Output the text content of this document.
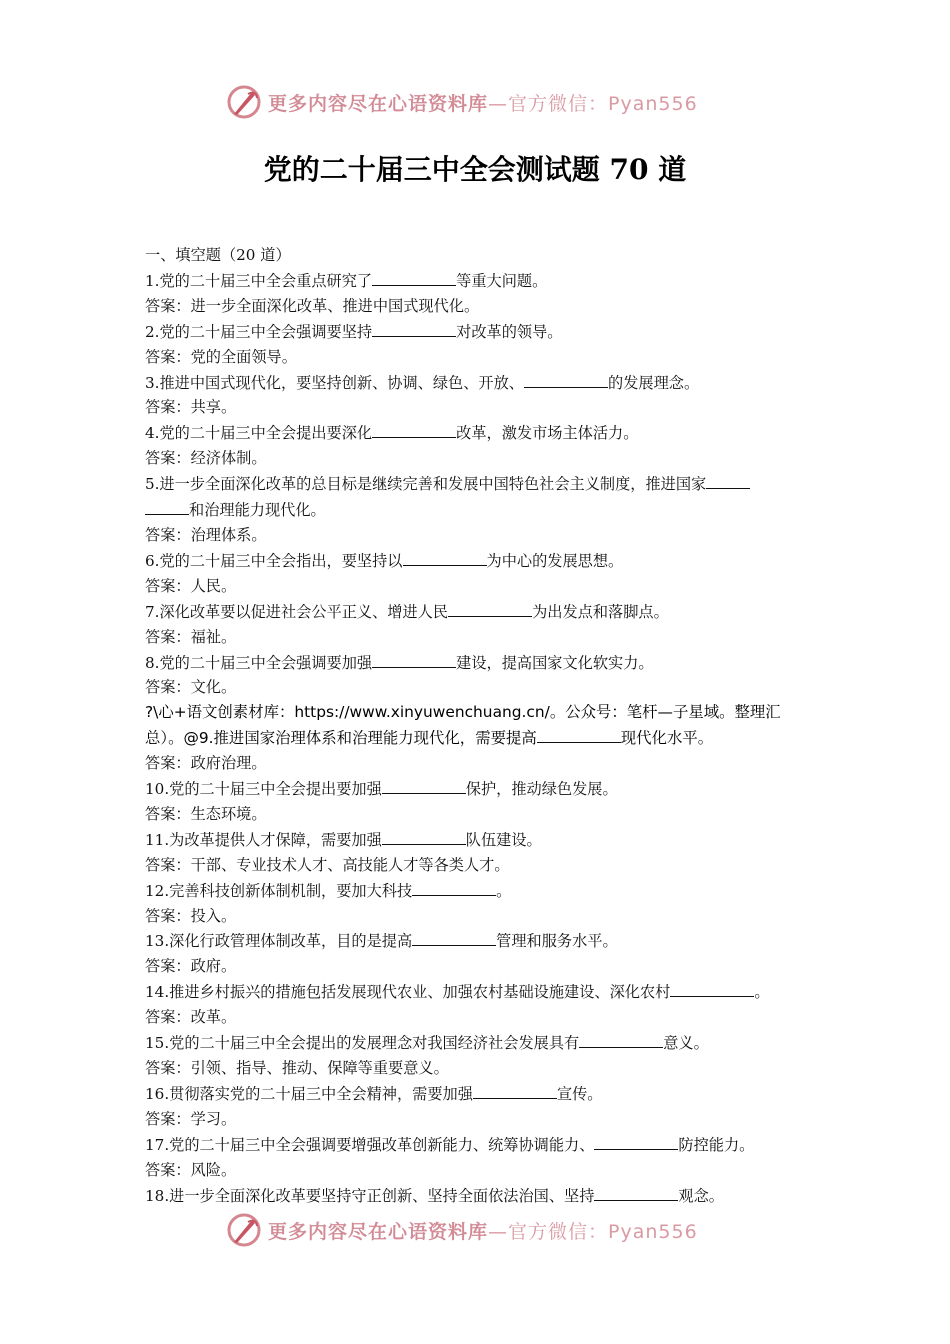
更多内容尽在心语资料库—官方微信：Pyan556
党的二十届三中全会测试题 70 道
一、填空题（20 道）
1.党的二十届三中全会重点研究了	等重大问题。
答案：进一步全面深化改革、推进中国式现代化。
2.党的二十届三中全会强调要坚持	对改革的领导。
答案：党的全面领导。
3.推进中国式现代化，要坚持创新、协调、绿色、开放、	的发展理念。
答案：共享。
4.党的二十届三中全会提出要深化	改革，激发市场主体活力。
答案：经济体制。
5.进一步全面深化改革的总目标是继续完善和发展中国特色社会主义制度，推进国家
和治理能力现代化。
答案：治理体系。
6.党的二十届三中全会指出，要坚持以	为中心的发展思想。
答案：人民。
7.深化改革要以促进社会公平正义、增进人民	为出发点和落脚点。
答案：福祉。
8.党的二十届三中全会强调要加强	建设，提高国家文化软实力。
答案：文化。
?\心+语文创素材库：https://www.xinyuwenchuang.cn/。公众号：笔杆—子星域。整理汇总）。@9.推进国家治理体系和治理能力现代化，需要提高	现代化水平。
答案：政府治理。
10.党的二十届三中全会提出要加强	保护，推动绿色发展。
答案：生态环境。
11.为改革提供人才保障，需要加强	队伍建设。
答案：干部、专业技术人才、高技能人才等各类人才。
12.完善科技创新体制机制，要加大科技	。
答案：投入。
13.深化行政管理体制改革，目的是提高	管理和服务水平。
答案：政府。
14.推进乡村振兴的措施包括发展现代农业、加强农村基础设施建设、深化农村	。
答案：改革。
15.党的二十届三中全会提出的发展理念对我国经济社会发展具有	意义。
答案：引领、指导、推动、保障等重要意义。
16.贯彻落实党的二十届三中全会精神，需要加强	宣传。
答案：学习。
17.党的二十届三中全会强调要增强改革创新能力、统筹协调能力、	防控能力。
答案：风险。
18.进一步全面深化改革要坚持守正创新、坚持全面依法治国、坚持	观念。
更多内容尽在心语资料库—官方微信：Pyan556
